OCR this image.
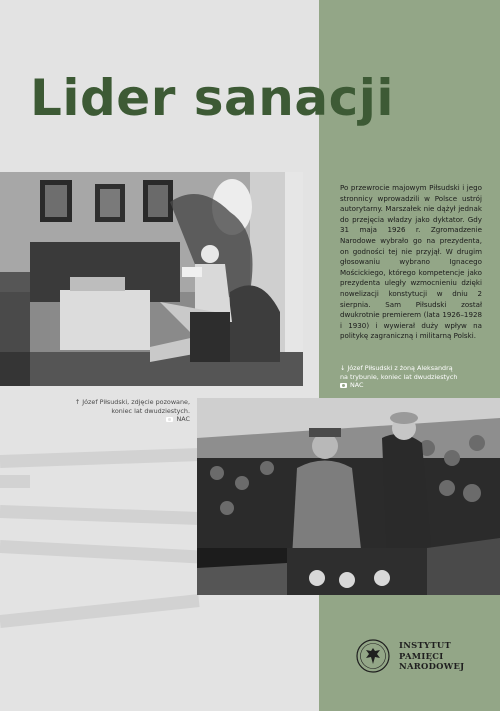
Lider sanacji
↑ Józef Piłsudski, zdjęcie pozowane,
koniec lat dwudziestych.
NAC

Po przewrocie majowym Piłsudski i jego stronnicy wprowadzili w Polsce ustrój autorytarny. Marszałek nie dążył jednak do przejęcia władzy jako dyktator. Gdy 31 maja 1926 r. Zgromadzenie Narodowe wybrało go na prezydenta, on godności tej nie przyjął. W drugim głosowaniu wybrano Ignacego Mościckiego, którego kompetencje jako prezydenta uległy wzmocnieniu dzięki nowelizacji konstytucji w dniu 2 sierpnia. Sam Piłsudski został dwukrotnie premierem (lata 1926–1928 i 1930) i wywierał duży wpływ na politykę zagraniczną i militarną Polski.

↓ Józef Piłsudski z żoną Aleksandrą
na trybunie, koniec lat dwudziestych
NAC
INSTYTUT
PAMIĘCI
NARODOWEJ
